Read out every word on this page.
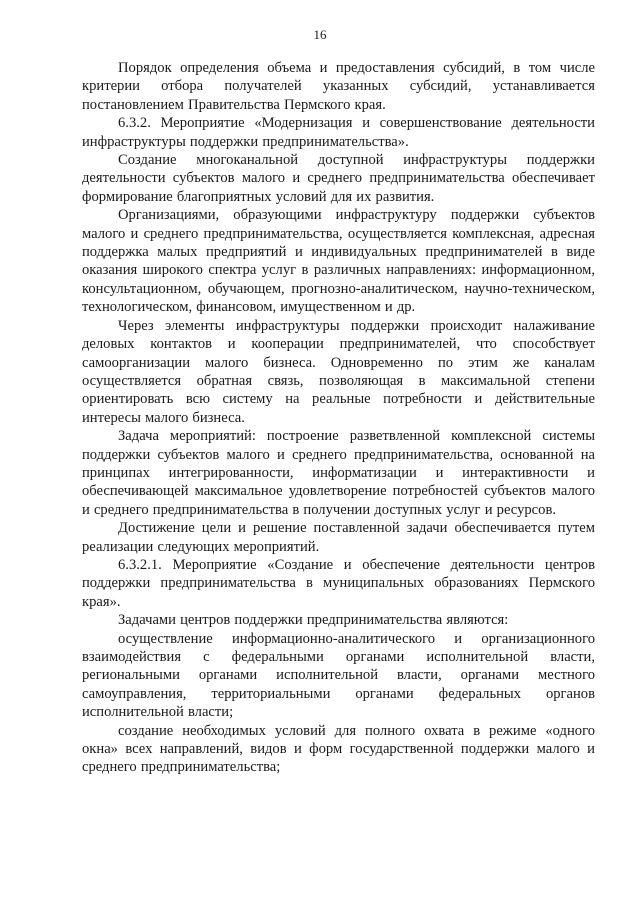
16

Порядок определения объема и предоставления субсидий, в том числе критерии отбора получателей указанных субсидий, устанавливается постановлением Правительства Пермского края.

6.3.2. Мероприятие «Модернизация и совершенствование деятельности инфраструктуры поддержки предпринимательства».

Создание многоканальной доступной инфраструктуры поддержки деятельности субъектов малого и среднего предпринимательства обеспечивает формирование благоприятных условий для их развития.

Организациями, образующими инфраструктуру поддержки субъектов малого и среднего предпринимательства, осуществляется комплексная, адресная поддержка малых предприятий и индивидуальных предпринимателей в виде оказания широкого спектра услуг в различных направлениях: информационном, консультационном, обучающем, прогнозно-аналитическом, научно-техническом, технологическом, финансовом, имущественном и др.

Через элементы инфраструктуры поддержки происходит налаживание деловых контактов и кооперации предпринимателей, что способствует самоорганизации малого бизнеса. Одновременно по этим же каналам осуществляется обратная связь, позволяющая в максимальной степени ориентировать всю систему на реальные потребности и действительные интересы малого бизнеса.

Задача мероприятий: построение разветвленной комплексной системы поддержки субъектов малого и среднего предпринимательства, основанной на принципах интегрированности, информатизации и интерактивности и обеспечивающей максимальное удовлетворение потребностей субъектов малого и среднего предпринимательства в получении доступных услуг и ресурсов.

Достижение цели и решение поставленной задачи обеспечивается путем реализации следующих мероприятий.

6.3.2.1. Мероприятие «Создание и обеспечение деятельности центров поддержки предпринимательства в муниципальных образованиях Пермского края».

Задачами центров поддержки предпринимательства являются:

осуществление информационно-аналитического и организационного взаимодействия с федеральными органами исполнительной власти, региональными органами исполнительной власти, органами местного самоуправления, территориальными органами федеральных органов исполнительной власти;

создание необходимых условий для полного охвата в режиме «одного окна» всех направлений, видов и форм государственной поддержки малого и среднего предпринимательства;
